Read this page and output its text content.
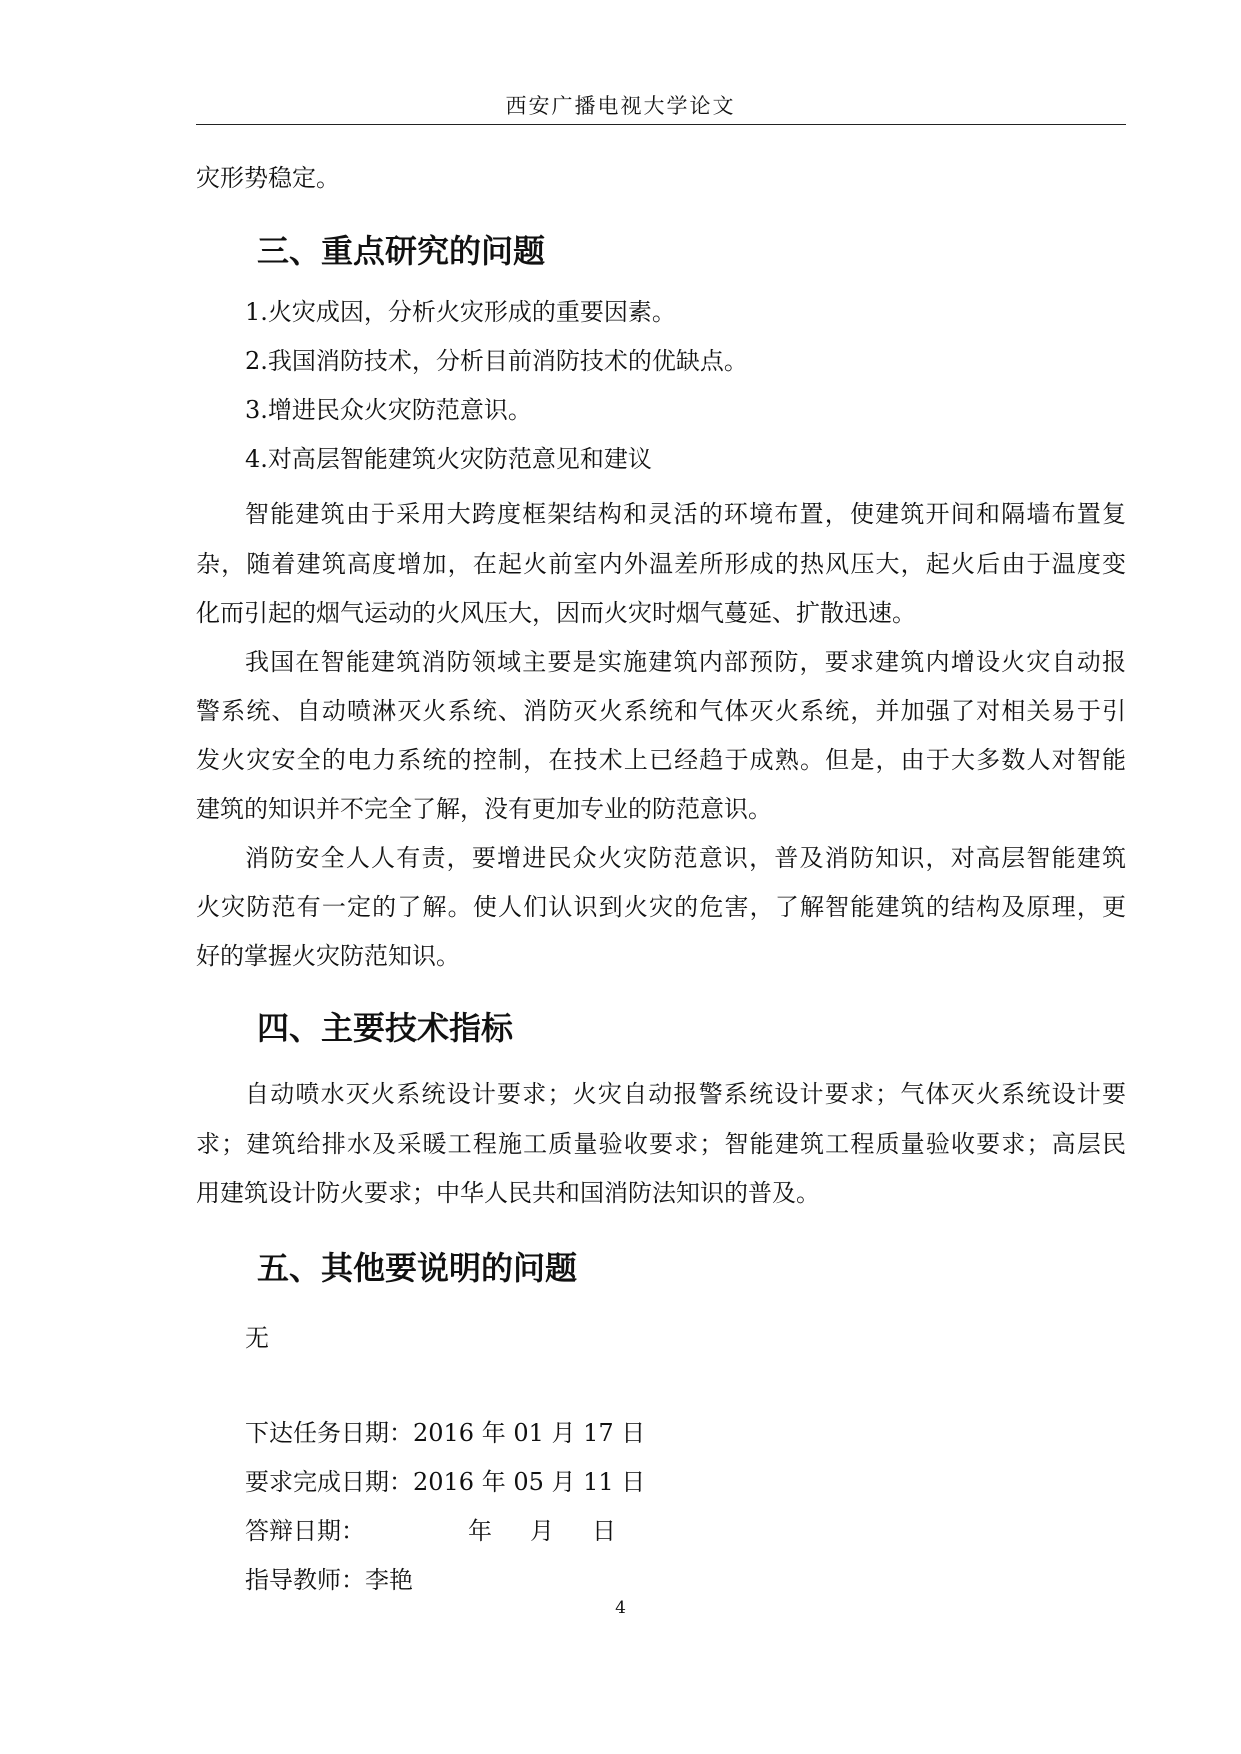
西安广播电视大学论文
灾形势稳定。
三、重点研究的问题
1.火灾成因，分析火灾形成的重要因素。
2.我国消防技术，分析目前消防技术的优缺点。
3.增进民众火灾防范意识。
4.对高层智能建筑火灾防范意见和建议
智能建筑由于采用大跨度框架结构和灵活的环境布置，使建筑开间和隔墙布置复
杂，随着建筑高度增加，在起火前室内外温差所形成的热风压大，起火后由于温度变
化而引起的烟气运动的火风压大，因而火灾时烟气蔓延、扩散迅速。
我国在智能建筑消防领域主要是实施建筑内部预防，要求建筑内增设火灾自动报
警系统、自动喷淋灭火系统、消防灭火系统和气体灭火系统，并加强了对相关易于引
发火灾安全的电力系统的控制，在技术上已经趋于成熟。但是，由于大多数人对智能
建筑的知识并不完全了解，没有更加专业的防范意识。
消防安全人人有责，要增进民众火灾防范意识，普及消防知识，对高层智能建筑
火灾防范有一定的了解。使人们认识到火灾的危害，了解智能建筑的结构及原理，更
好的掌握火灾防范知识。
四、主要技术指标
自动喷水灭火系统设计要求；火灾自动报警系统设计要求；气体灭火系统设计要
求；建筑给排水及采暖工程施工质量验收要求；智能建筑工程质量验收要求；高层民
用建筑设计防火要求；中华人民共和国消防法知识的普及。
五、其他要说明的问题
无
下达任务日期：2016 年 01 月 17 日
要求完成日期：2016 年 05 月 11 日
答辩日期：	年 月 日
指导教师：李艳
4
